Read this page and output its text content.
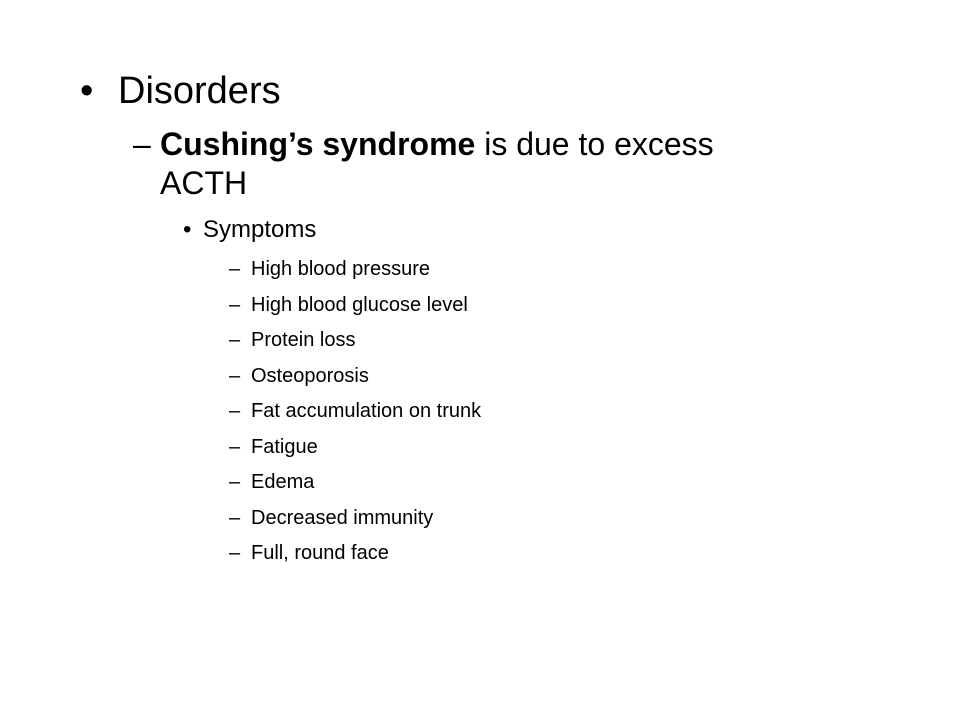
• Disorders
– Cushing’s syndrome is due to excess
ACTH
• Symptoms
– High blood pressure
– High blood glucose level
– Protein loss
– Osteoporosis
– Fat accumulation on trunk
– Fatigue
– Edema
– Decreased immunity
– Full, round face
